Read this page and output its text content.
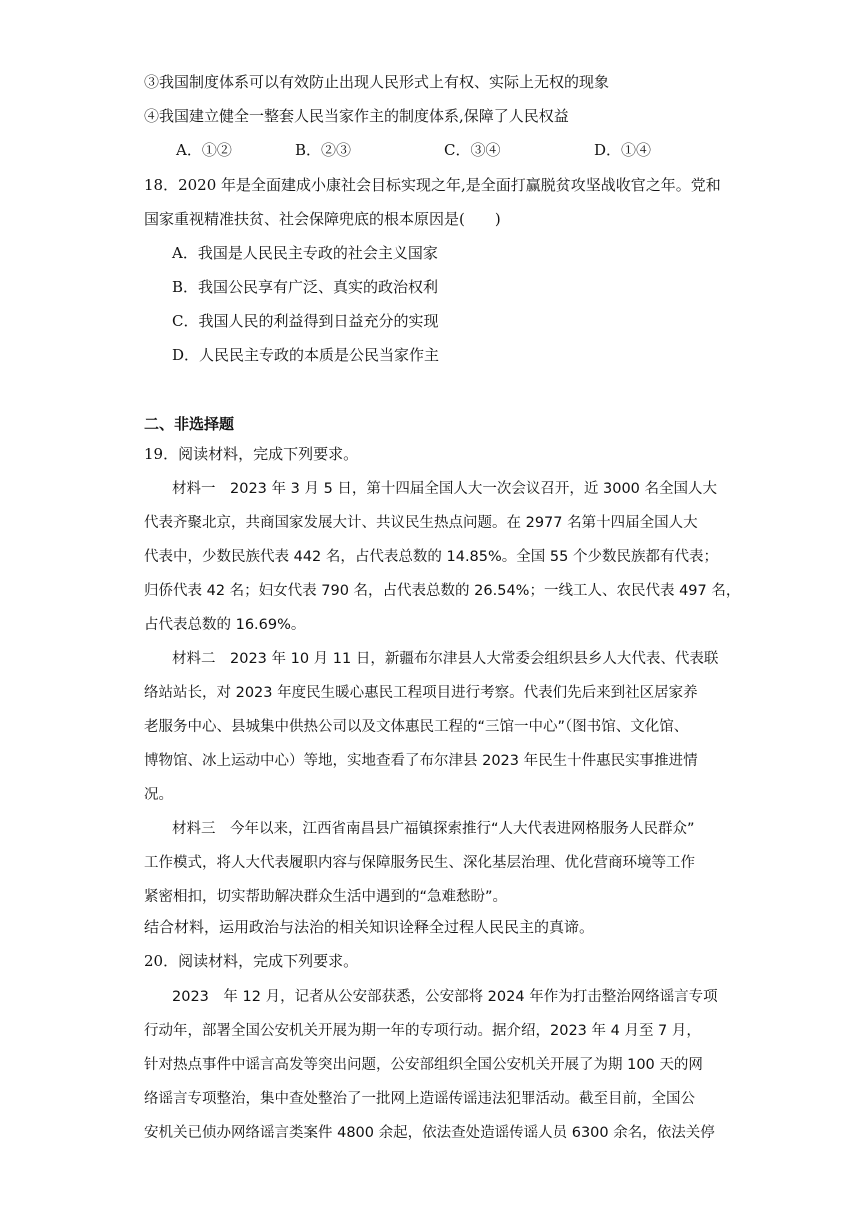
③我国制度体系可以有效防止出现人民形式上有权、实际上无权的现象
④我国建立健全一整套人民当家作主的制度体系,保障了人民权益
A．①②	B．②③	C．③④	D．①④
18．2020 年是全面建成小康社会目标实现之年,是全面打赢脱贫攻坚战收官之年。党和
国家重视精准扶贫、社会保障兜底的根本原因是(　　)
A．我国是人民民主专政的社会主义国家
B．我国公民享有广泛、真实的政治权利
C．我国人民的利益得到日益充分的实现
D．人民民主专政的本质是公民当家作主
二、非选择题
19．阅读材料，完成下列要求。
材料一　2023 年 3 月 5 日，第十四届全国人大一次会议召开，近 3000 名全国人大
代表齐聚北京，共商国家发展大计、共议民生热点问题。在 2977 名第十四届全国人大
代表中，少数民族代表 442 名，占代表总数的 14.85%。全国 55 个少数民族都有代表；
归侨代表 42 名；妇女代表 790 名，占代表总数的 26.54%；一线工人、农民代表 497 名，
占代表总数的 16.69%。
材料二　2023 年 10 月 11 日，新疆布尔津县人大常委会组织县乡人大代表、代表联
络站站长，对 2023 年度民生暖心惠民工程项目进行考察。代表们先后来到社区居家养
老服务中心、县城集中供热公司以及文体惠民工程的“三馆一中心”（图书馆、文化馆、
博物馆、冰上运动中心）等地，实地查看了布尔津县 2023 年民生十件惠民实事推进情
况。
材料三　今年以来，江西省南昌县广福镇探索推行“人大代表进网格服务人民群众”
工作模式，将人大代表履职内容与保障服务民生、深化基层治理、优化营商环境等工作
紧密相扣，切实帮助解决群众生活中遇到的“急难愁盼”。
结合材料，运用政治与法治的相关知识诠释全过程人民民主的真谛。
20．阅读材料，完成下列要求。
2023　年 12 月，记者从公安部获悉，公安部将 2024 年作为打击整治网络谣言专项
行动年，部署全国公安机关开展为期一年的专项行动。据介绍，2023 年 4 月至 7 月，
针对热点事件中谣言高发等突出问题，公安部组织全国公安机关开展了为期 100 天的网
络谣言专项整治，集中查处整治了一批网上造谣传谣违法犯罪活动。截至目前，全国公
安机关已侦办网络谣言类案件 4800 余起，依法查处造谣传谣人员 6300 余名，依法关停
